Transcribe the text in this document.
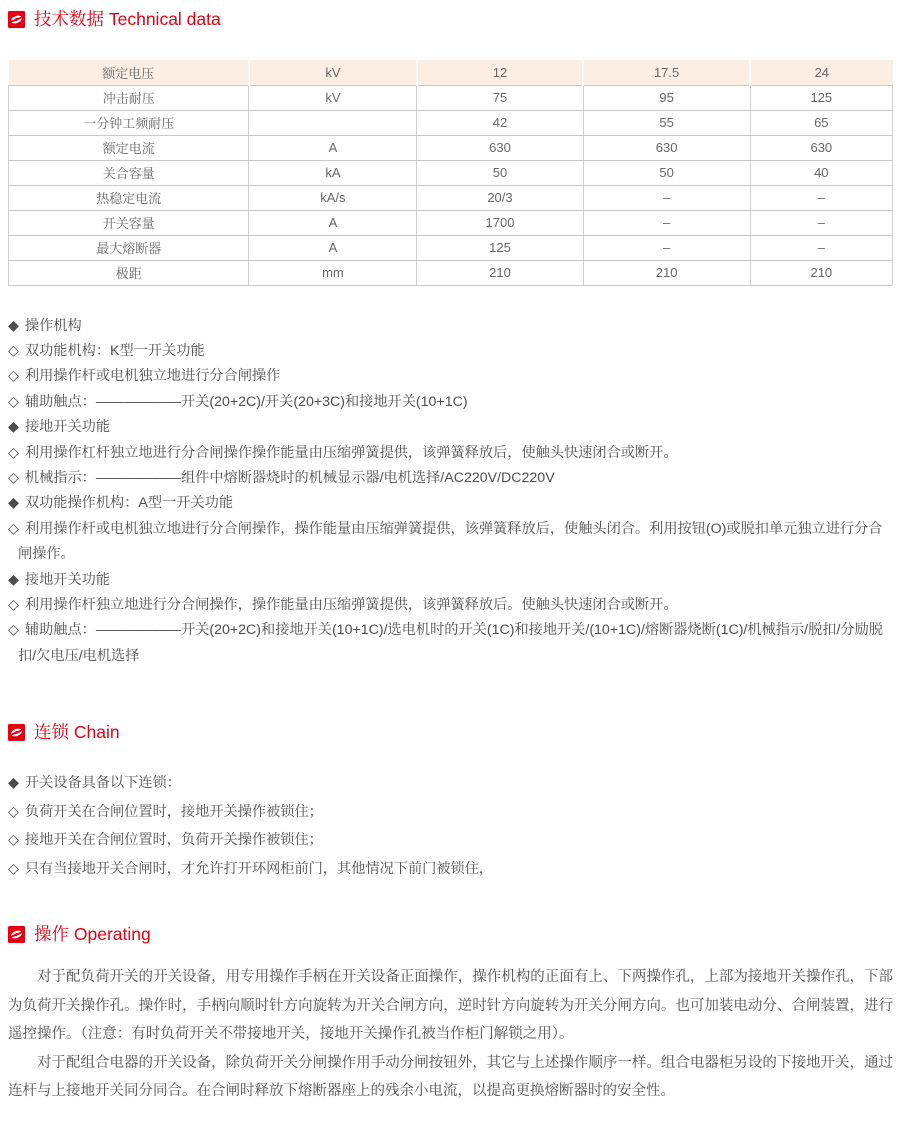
技术数据 Technical data
额定电压	kV	12	17.5	24
冲击耐压	kV	75	95	125
一分钟工频耐压		42	55	65
额定电流	A	630	630	630
关合容量	kA	50	50	40
热稳定电流	kA/s	20/3	–	–
开关容量	A	1700	–	–
最大熔断器	A	125	–	–
极距	mm	210	210	210
◆ 操作机构
◇ 双功能机构：K型一开关功能
◇ 利用操作杆或电机独立地进行分合闸操作
◇ 辅助触点：——————开关(20+2C)/开关(20+3C)和接地开关(10+1C)
◆ 接地开关功能
◇ 利用操作杠杆独立地进行分合闸操作操作能量由压缩弹簧提供，该弹簧释放后，使触头快速闭合或断开。
◇ 机械指示：——————组件中熔断器烧时的机械显示器/电机选择/AC220V/DC220V
◆ 双功能操作机构：A型一开关功能
◇ 利用操作杆或电机独立地进行分合闸操作，操作能量由压缩弹簧提供，该弹簧释放后，使触头闭合。利用按钮(O)或脱扣单元独立进行分合闸操作。
◆ 接地开关功能
◇ 利用操作杆独立地进行分合闸操作，操作能量由压缩弹簧提供，该弹簧释放后。使触头快速闭合或断开。
◇ 辅助触点：——————开关(20+2C)和接地开关(10+1C)/选电机时的开关(1C)和接地开关/(10+1C)/熔断器烧断(1C)/机械指示/脱扣/分励脱扣/欠电压/电机选择
连锁 Chain
◆ 开关设备具备以下连锁：
◇ 负荷开关在合闸位置时，接地开关操作被锁住；
◇ 接地开关在合闸位置时，负荷开关操作被锁住；
◇ 只有当接地开关合闸时，才允许打开环网柜前门，其他情况下前门被锁住，
操作 Operating

对于配负荷开关的开关设备，用专用操作手柄在开关设备正面操作，操作机构的正面有上、下两操作孔，上部为接地开关操作孔，下部为负荷开关操作孔。操作时，手柄向顺时针方向旋转为开关合闸方向，逆时针方向旋转为开关分闸方向。也可加装电动分、合闸装置，进行遥控操作。（注意：有时负荷开关不带接地开关，接地开关操作孔被当作柜门解锁之用）。

对于配组合电器的开关设备，除负荷开关分闸操作用手动分闸按钮外，其它与上述操作顺序一样。组合电器柜另设的下接地开关，通过连杆与上接地开关同分同合。在合闸时释放下熔断器座上的残余小电流，以提高更换熔断器时的安全性。
